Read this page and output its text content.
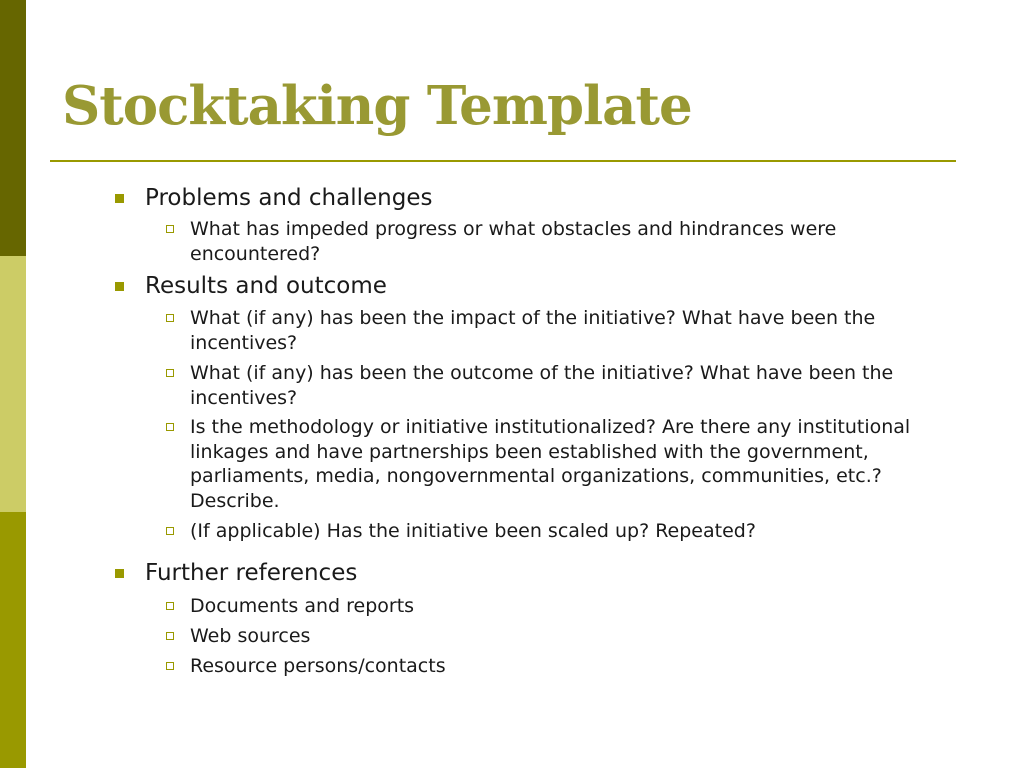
Stocktaking Template
Problems and challenges
What has impeded progress or what obstacles and hindrances were encountered?
Results and outcome
What (if any) has been the impact of the initiative? What have been the incentives?
What (if any) has been the outcome of the initiative? What have been the incentives?
Is the methodology or initiative institutionalized? Are there any institutional linkages and have partnerships been established with the government, parliaments, media, nongovernmental organizations, communities, etc.? Describe.
(If applicable) Has the initiative been scaled up? Repeated?
Further references
Documents and reports
Web sources
Resource persons/contacts
